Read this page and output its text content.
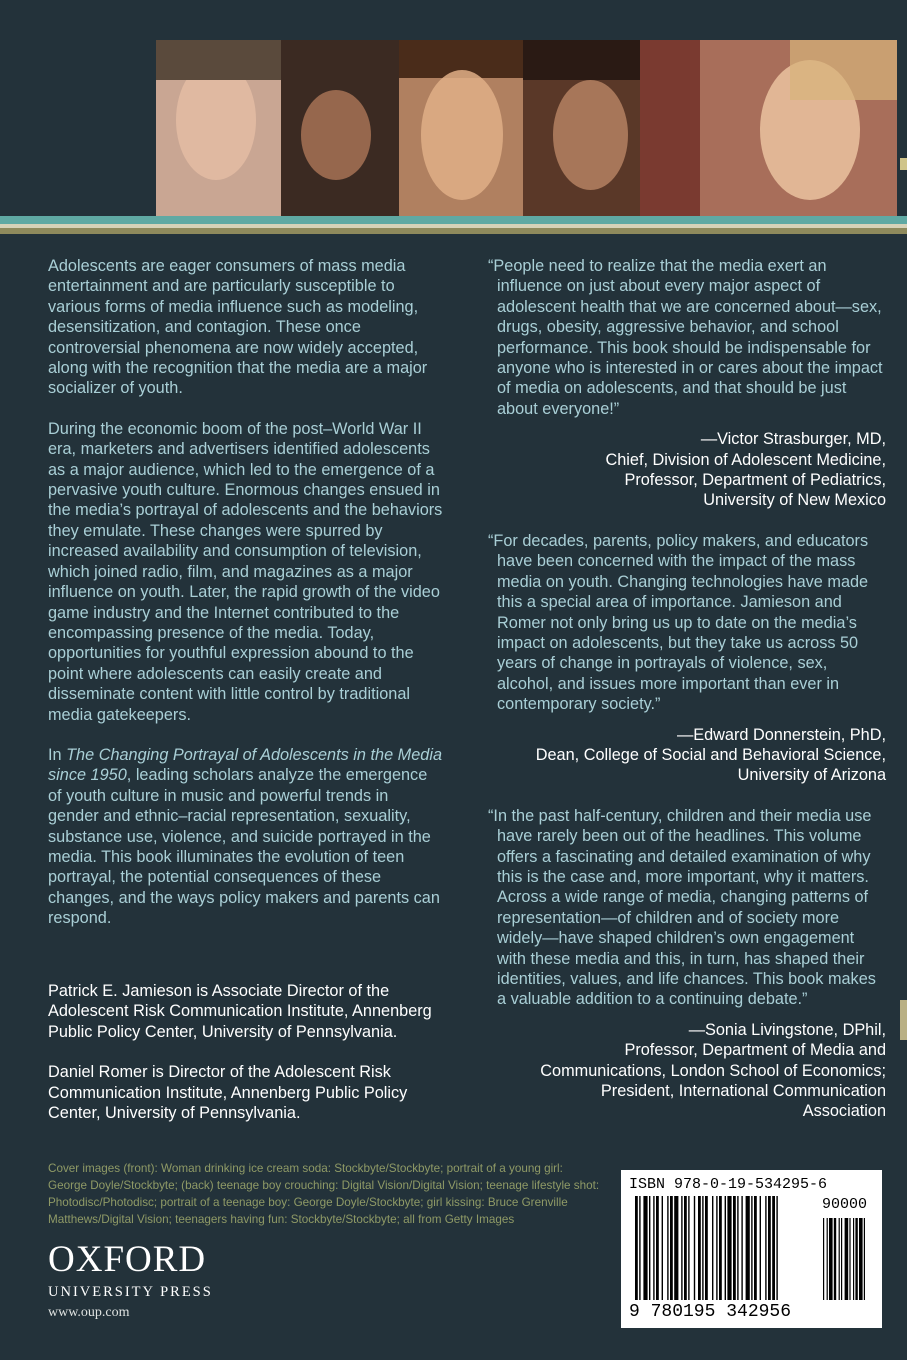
Adolescents are eager consumers of mass media entertainment and are particularly susceptible to various forms of media influence such as modeling, desensitization, and contagion. These once controversial phenomena are now widely accepted, along with the recognition that the media are a major socializer of youth.

During the economic boom of the post–World War II era, marketers and advertisers identified adolescents as a major audience, which led to the emergence of a pervasive youth culture. Enormous changes ensued in the media’s portrayal of adolescents and the behaviors they emulate. These changes were spurred by increased availability and consumption of television, which joined radio, film, and magazines as a major influence on youth. Later, the rapid growth of the video game industry and the Internet contributed to the encompassing presence of the media. Today, opportunities for youthful expression abound to the point where adolescents can easily create and disseminate content with little control by traditional media gatekeepers.

In The Changing Portrayal of Adolescents in the Media since 1950, leading scholars analyze the emergence of youth culture in music and powerful trends in gender and ethnic–racial representation, sexuality, substance use, violence, and suicide portrayed in the media. This book illuminates the evolution of teen portrayal, the potential consequences of these changes, and the ways policy makers and parents can respond.

Patrick E. Jamieson is Associate Director of the Adolescent Risk Communication Institute, Annenberg Public Policy Center, University of Pennsylvania.

Daniel Romer is Director of the Adolescent Risk Communication Institute, Annenberg Public Policy Center, University of Pennsylvania.

“People need to realize that the media exert an influence on just about every major aspect of adolescent health that we are concerned about—sex, drugs, obesity, aggressive behavior, and school performance. This book should be indispensable for anyone who is interested in or cares about the impact of media on adolescents, and that should be just about everyone!”

—Victor Strasburger, MD,
Chief, Division of Adolescent Medicine,
Professor, Department of Pediatrics,
University of New Mexico

“For decades, parents, policy makers, and educators have been concerned with the impact of the mass media on youth. Changing technologies have made this a special area of importance. Jamieson and Romer not only bring us up to date on the media’s impact on adolescents, but they take us across 50 years of change in portrayals of violence, sex, alcohol, and issues more important than ever in contemporary society.”

—Edward Donnerstein, PhD,
Dean, College of Social and Behavioral Science,
University of Arizona

“In the past half-century, children and their media use have rarely been out of the headlines. This volume offers a fascinating and detailed examination of why this is the case and, more important, why it matters. Across a wide range of media, changing patterns of representation—of children and of society more widely—have shaped children’s own engagement with these media and this, in turn, has shaped their identities, values, and life chances. This book makes a valuable addition to a continuing debate.”

—Sonia Livingstone, DPhil,
Professor, Department of Media and
Communications, London School of Economics;
President, International Communication
Association
Cover images (front): Woman drinking ice cream soda: Stockbyte/Stockbyte; portrait of a young girl: George Doyle/Stockbyte; (back) teenage boy crouching: Digital Vision/Digital Vision; teenage lifestyle shot: Photodisc/Photodisc; portrait of a teenage boy: George Doyle/Stockbyte; girl kissing: Bruce Grenville Matthews/Digital Vision; teenagers having fun: Stockbyte/Stockbyte; all from Getty Images
OXFORD
UNIVERSITY PRESS
www.oup.com
ISBN 978-0-19-534295-6
90000
9 780195 342956
